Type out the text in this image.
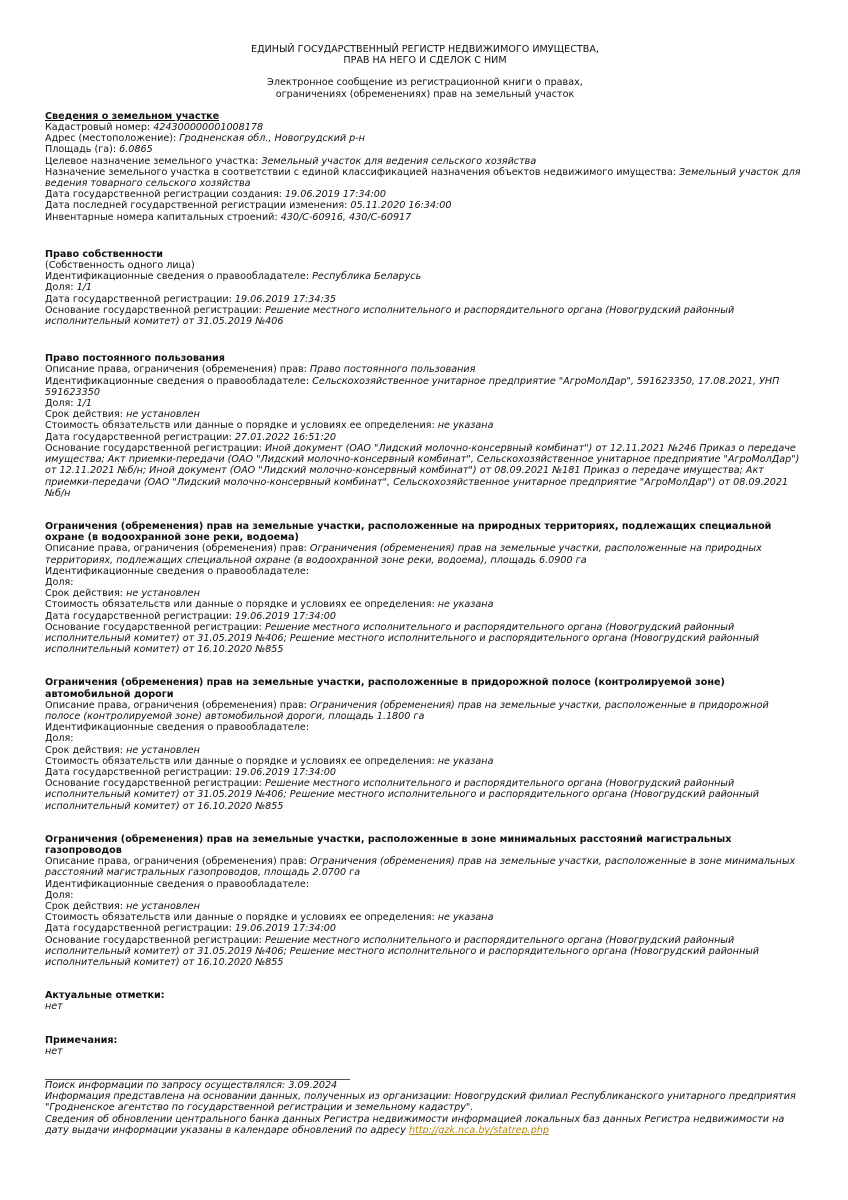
ЕДИНЫЙ ГОСУДАРСТВЕННЫЙ РЕГИСТР НЕДВИЖИМОГО ИМУЩЕСТВА,
ПРАВ НА НЕГО И СДЕЛОК С НИМ
Электронное сообщение из регистрационной книги о правах,
ограничениях (обременениях) прав на земельный участок
Сведения о земельном участке
Кадастровый номер: 424300000001008178
Адрес (местоположение): Гродненская обл., Новогрудский р-н
Площадь (га): 6.0865
Целевое назначение земельного участка: Земельный участок для ведения сельского хозяйства
Назначение земельного участка в соответствии с единой классификацией назначения объектов недвижимого имущества: Земельный участок для ведения товарного сельского хозяйства
Дата государственной регистрации создания: 19.06.2019 17:34:00
Дата последней государственной регистрации изменения: 05.11.2020 16:34:00
Инвентарные номера капитальных строений: 430/C-60916, 430/C-60917
Право собственности
(Собственность одного лица)
Идентификационные сведения о правообладателе: Республика Беларусь
Доля: 1/1
Дата государственной регистрации: 19.06.2019 17:34:35
Основание государственной регистрации: Решение местного исполнительного и распорядительного органа (Новогрудский районный исполнительный комитет) от 31.05.2019 №406
Право постоянного пользования
Описание права, ограничения (обременения) прав: Право постоянного пользования
Идентификационные сведения о правообладателе: Сельскохозяйственное унитарное предприятие "АгроМолДар", 591623350, 17.08.2021, УНП 591623350
Доля: 1/1
Срок действия: не установлен
Стоимость обязательств или данные о порядке и условиях ее определения: не указана
Дата государственной регистрации: 27.01.2022 16:51:20
Основание государственной регистрации: Иной документ (ОАО "Лидский молочно-консервный комбинат") от 12.11.2021 №246 Приказ о передаче имущества; Акт приемки-передачи (ОАО "Лидский молочно-консервный комбинат", Сельскохозяйственное унитарное предприятие "АгроМолДар") от 12.11.2021 №б/н; Иной документ (ОАО "Лидский молочно-консервный комбинат") от 08.09.2021 №181 Приказ о передаче имущества; Акт приемки-передачи (ОАО "Лидский молочно-консервный комбинат", Сельскохозяйственное унитарное предприятие "АгроМолДар") от 08.09.2021 №б/н
Ограничения (обременения) прав на земельные участки, расположенные на природных территориях, подлежащих специальной охране (в водоохранной зоне реки, водоема)
Описание права, ограничения (обременения) прав: Ограничения (обременения) прав на земельные участки, расположенные на природных территориях, подлежащих специальной охране (в водоохранной зоне реки, водоема), площадь 6.0900 га
Идентификационные сведения о правообладателе:
Доля:
Срок действия: не установлен
Стоимость обязательств или данные о порядке и условиях ее определения: не указана
Дата государственной регистрации: 19.06.2019 17:34:00
Основание государственной регистрации: Решение местного исполнительного и распорядительного органа (Новогрудский районный исполнительный комитет) от 31.05.2019 №406; Решение местного исполнительного и распорядительного органа (Новогрудский районный исполнительный комитет) от 16.10.2020 №855
Ограничения (обременения) прав на земельные участки, расположенные в придорожной полосе (контролируемой зоне) автомобильной дороги
Описание права, ограничения (обременения) прав: Ограничения (обременения) прав на земельные участки, расположенные в придорожной полосе (контролируемой зоне) автомобильной дороги, площадь 1.1800 га
Идентификационные сведения о правообладателе:
Доля:
Срок действия: не установлен
Стоимость обязательств или данные о порядке и условиях ее определения: не указана
Дата государственной регистрации: 19.06.2019 17:34:00
Основание государственной регистрации: Решение местного исполнительного и распорядительного органа (Новогрудский районный исполнительный комитет) от 31.05.2019 №406; Решение местного исполнительного и распорядительного органа (Новогрудский районный исполнительный комитет) от 16.10.2020 №855
Ограничения (обременения) прав на земельные участки, расположенные в зоне минимальных расстояний магистральных газопроводов
Описание права, ограничения (обременения) прав: Ограничения (обременения) прав на земельные участки, расположенные в зоне минимальных расстояний магистральных газопроводов, площадь 2.0700 га
Идентификационные сведения о правообладателе:
Доля:
Срок действия: не установлен
Стоимость обязательств или данные о порядке и условиях ее определения: не указана
Дата государственной регистрации: 19.06.2019 17:34:00
Основание государственной регистрации: Решение местного исполнительного и распорядительного органа (Новогрудский районный исполнительный комитет) от 31.05.2019 №406; Решение местного исполнительного и распорядительного органа (Новогрудский районный исполнительный комитет) от 16.10.2020 №855
Актуальные отметки:
нет
Примечания:
нет
Поиск информации по запросу осуществлялся: 3.09.2024
Информация представлена на основании данных, полученных из организации: Новогрудский филиал Республиканского унитарного предприятия "Гродненское агентство по государственной регистрации и земельному кадастру".
Сведения об обновлении центрального банка данных Регистра недвижимости информацией локальных баз данных Регистра недвижимости на дату выдачи информации указаны в календаре обновлений по адресу http://gzk.nca.by/statrep.php
